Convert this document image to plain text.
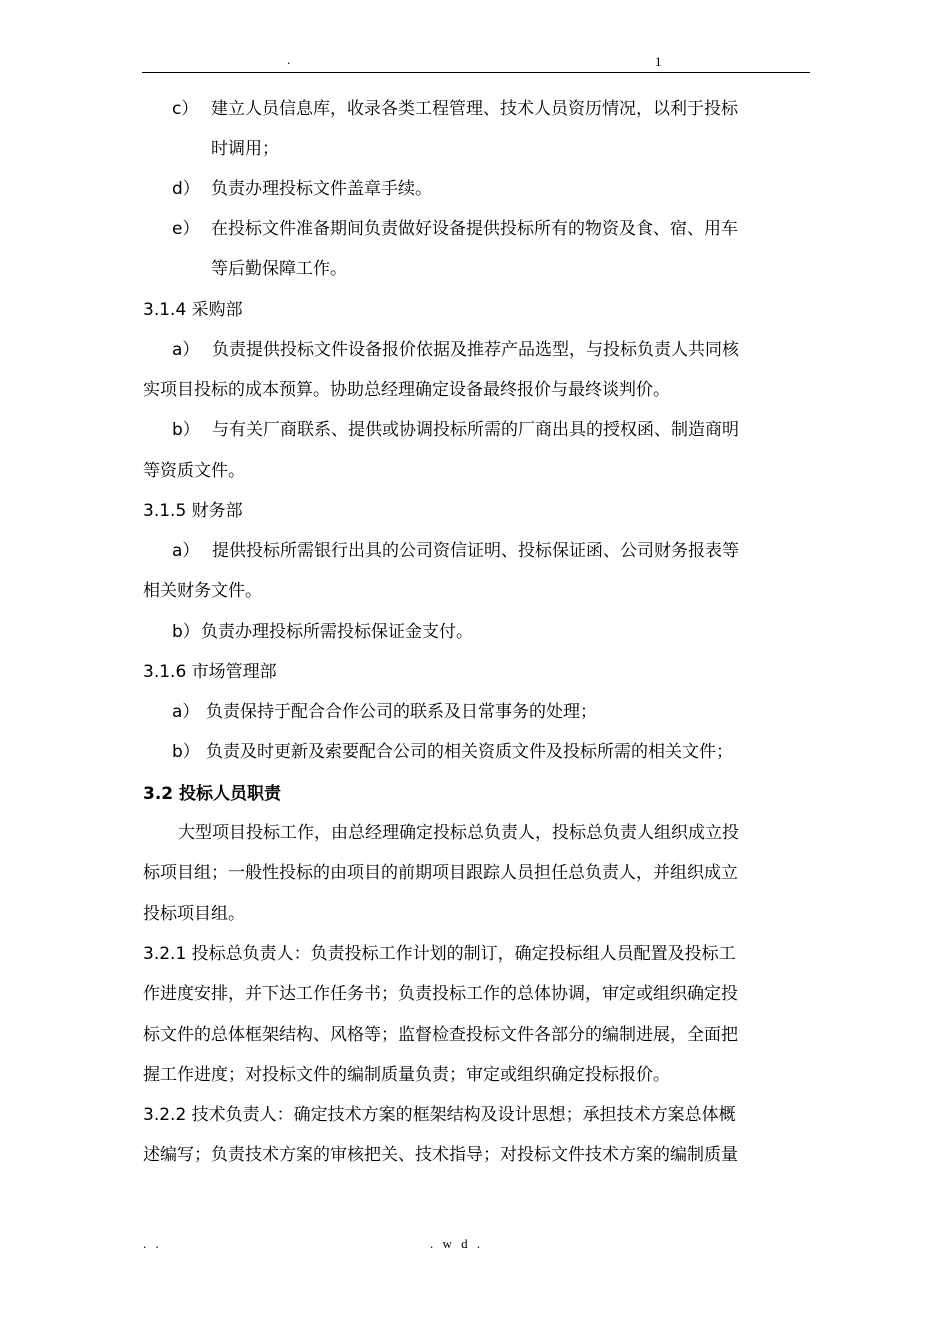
.	1
c） 建立人员信息库，收录各类工程管理、技术人员资历情况，以利于投标
时调用；
d） 负责办理投标文件盖章手续。
e） 在投标文件准备期间负责做好设备提供投标所有的物资及食、宿、用车
等后勤保障工作。
3.1.4 采购部
a） 负责提供投标文件设备报价依据及推荐产品选型，与投标负责人共同核
实项目投标的成本预算。协助总经理确定设备最终报价与最终谈判价。
b） 与有关厂商联系、提供或协调投标所需的厂商出具的授权函、制造商明
等资质文件。
3.1.5 财务部
a） 提供投标所需银行出具的公司资信证明、投标保证函、公司财务报表等
相关财务文件。
b）负责办理投标所需投标保证金支付。
3.1.6 市场管理部
a） 负责保持于配合合作公司的联系及日常事务的处理；
b） 负责及时更新及索要配合公司的相关资质文件及投标所需的相关文件；
3.2 投标人员职责
大型项目投标工作，由总经理确定投标总负责人，投标总负责人组织成立投
标项目组；一般性投标的由项目的前期项目跟踪人员担任总负责人，并组织成立
投标项目组。
3.2.1 投标总负责人：负责投标工作计划的制订，确定投标组人员配置及投标工
作进度安排，并下达工作任务书；负责投标工作的总体协调，审定或组织确定投
标文件的总体框架结构、风格等；监督检查投标文件各部分的编制进展，全面把
握工作进度；对投标文件的编制质量负责；审定或组织确定投标报价。
3.2.2 技术负责人：确定技术方案的框架结构及设计思想；承担技术方案总体概
述编写；负责技术方案的审核把关、技术指导；对投标文件技术方案的编制质量
. .	. w d .
